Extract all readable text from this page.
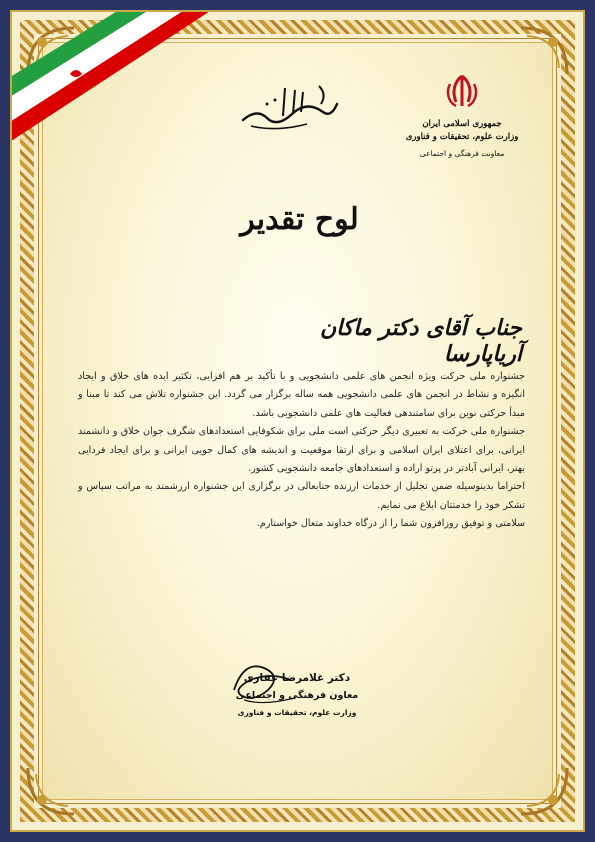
جمهوری اسلامی ایران
وزارت علوم، تحقیقات و فناوری
معاونت فرهنگی و اجتماعی
لوح تقدیر
جناب آقای دکتر ماکان آریاپارسا

جشنواره ملی حرکت ویژه انجمن های علمی دانشجویی و با تأکید بر هم افزایی، تکثیر ایده های خلاق و ایجاد انگیزه و نشاط در انجمن های علمی دانشجویی همه ساله برگزار می گردد. این جشنواره تلاش می کند تا مبنا و مبدأ حرکتی نوین برای سامتندهی فعالیت های علمی دانشجویی باشد.

جشنواره ملی حرکت به تعبیری دیگر حرکتی است ملی برای شکوفایی استعدادهای شگرف جوان خلاق و دانشمند ایرانی، برای اعتلای ایران اسلامی و برای ارتقا موقعیت و اندیشه های کمال جویی ایرانی و برای ایجاد فردایی بهتر، ایرانی آبادتر در پرتو اراده و استعدادهای جامعه دانشجویی کشور.

احتراما بدینوسیله ضمن تجلیل از خدمات ارزنده جنابعالی در برگزاری این جشنواره ارزشمند به مراتب سپاس و تشکر خود را خدمتتان ابلاغ می نمایم.

سلامتی و توفیق روزافزون شما را از درگاه خداوند متعال خواستارم.

دکتر غلامرضا غفاری
معاون فرهنگی و اجتماعی
وزارت علوم، تحقیقات و فناوری
